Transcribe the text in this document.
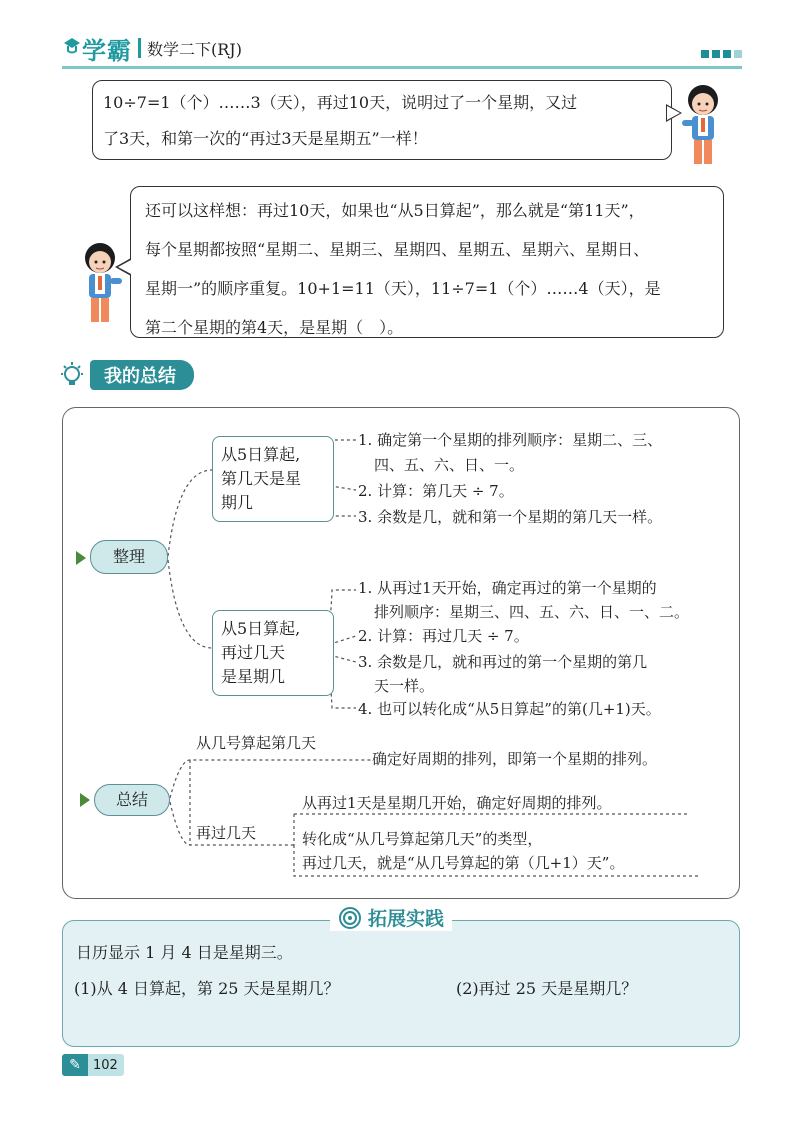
学霸 数学二下(RJ)
10÷7=1（个）……3（天），再过10天，说明过了一个星期，又过
了3天，和第一次的“再过3天是星期五”一样！
还可以这样想：再过10天，如果也“从5日算起”，那么就是“第11天”，
每个星期都按照“星期二、星期三、星期四、星期五、星期六、星期日、
星期一”的顺序重复。10+1=11（天），11÷7=1（个）……4（天），是
第二个星期的第4天，是星期（　）。
我的总结
整理
从5日算起,
第几天是星
期几
1. 确定第一个星期的排列顺序：星期二、三、
四、五、六、日、一。
2. 计算：第几天 ÷ 7。
3. 余数是几，就和第一个星期的第几天一样。
从5日算起,
再过几天
是星期几
1. 从再过1天开始，确定再过的第一个星期的
排列顺序：星期三、四、五、六、日、一、二。
2. 计算：再过几天 ÷ 7。
3. 余数是几，就和再过的第一个星期的第几
天一样。
4. 也可以转化成“从5日算起”的第(几+1)天。
总结
从几号算起第几天
确定好周期的排列，即第一个星期的排列。
再过几天
从再过1天是星期几开始，确定好周期的排列。
转化成“从几号算起第几天”的类型，
再过几天，就是“从几号算起的第（几+1）天”。
拓展实践
日历显示 1 月 4 日是星期三。
(1)从 4 日算起，第 25 天是星期几？	(2)再过 25 天是星期几？
✎ 102
